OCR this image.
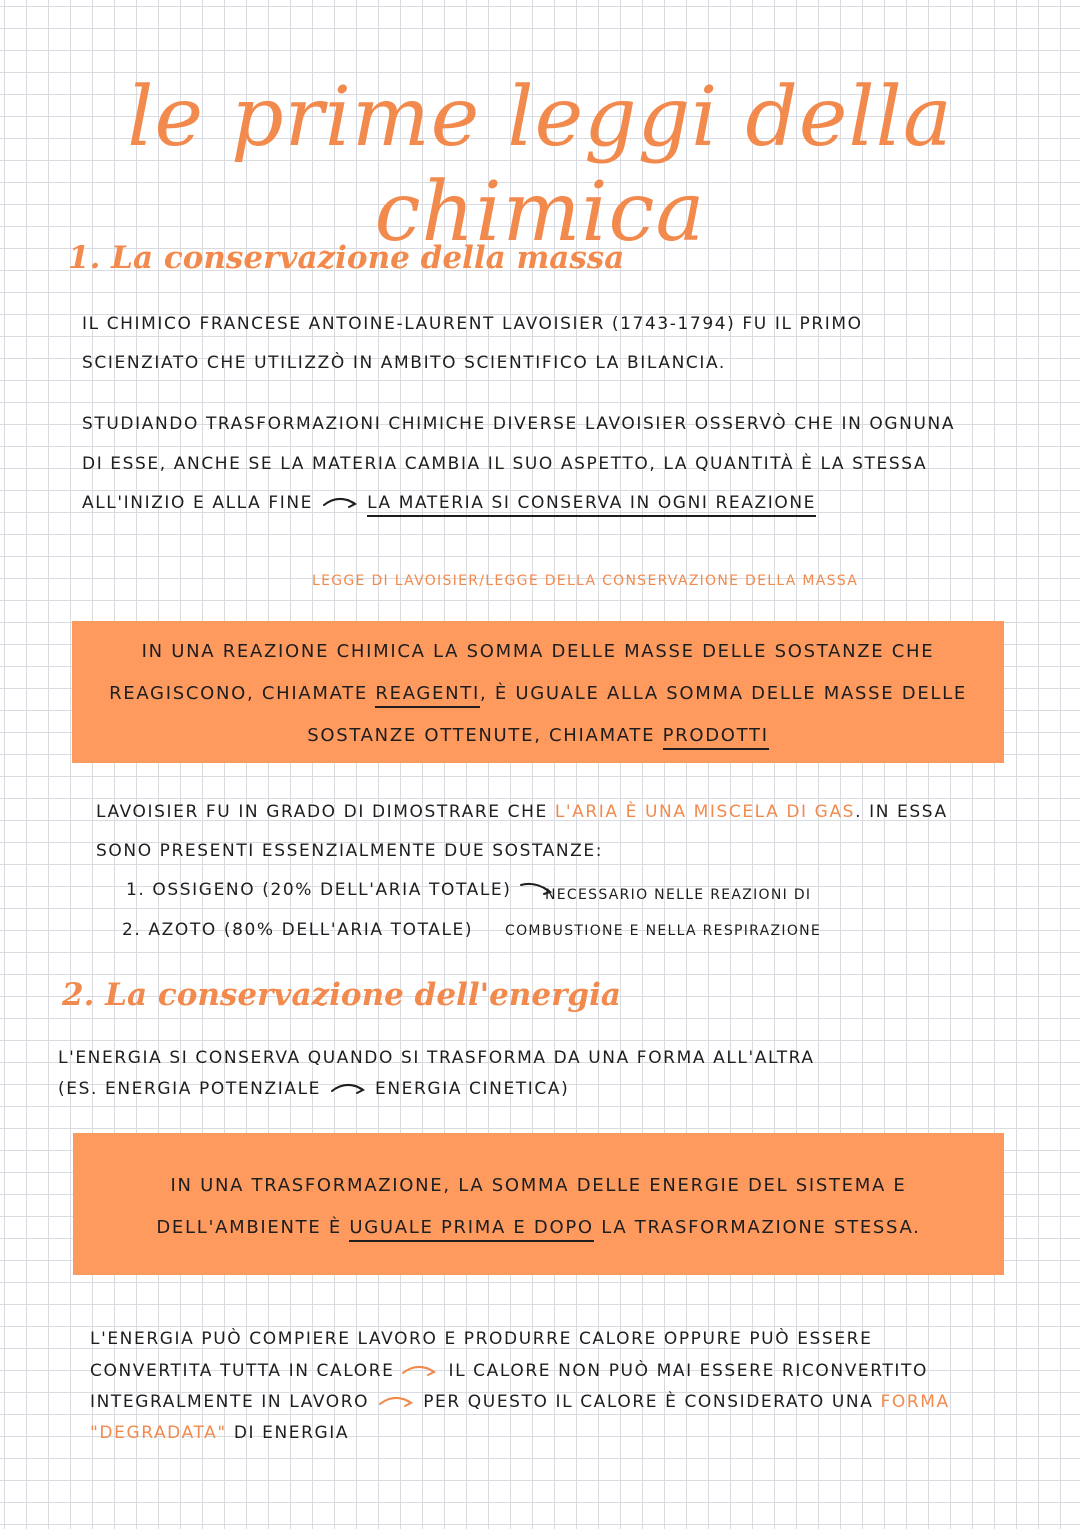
le prime leggi della chimica
1. La conservazione della massa
IL CHIMICO FRANCESE ANTOINE-LAURENT LAVOISIER (1743-1794) FU IL PRIMO
SCIENZIATO CHE UTILIZZÒ IN AMBITO SCIENTIFICO LA BILANCIA.
STUDIANDO TRASFORMAZIONI CHIMICHE DIVERSE LAVOISIER OSSERVÒ CHE IN OGNUNA
DI ESSE, ANCHE SE LA MATERIA CAMBIA IL SUO ASPETTO, LA QUANTITÀ È LA STESSA
ALL'INIZIO E ALLA FINE	LA MATERIA SI CONSERVA IN OGNI REAZIONE
LEGGE DI LAVOISIER/LEGGE DELLA CONSERVAZIONE DELLA MASSA
IN UNA REAZIONE CHIMICA LA SOMMA DELLE MASSE DELLE SOSTANZE CHE
REAGISCONO, CHIAMATE REAGENTI, È UGUALE ALLA SOMMA DELLE MASSE DELLE
SOSTANZE OTTENUTE, CHIAMATE PRODOTTI
LAVOISIER FU IN GRADO DI DIMOSTRARE CHE L'ARIA È UNA MISCELA DI GAS. IN ESSA
SONO PRESENTI ESSENZIALMENTE DUE SOSTANZE:
1. OSSIGENO (20% DELL'ARIA TOTALE)
2. AZOTO (80% DELL'ARIA TOTALE)
NECESSARIO NELLE REAZIONI DI
COMBUSTIONE E NELLA RESPIRAZIONE
2. La conservazione dell'energia
L'ENERGIA SI CONSERVA QUANDO SI TRASFORMA DA UNA FORMA ALL'ALTRA
(ES. ENERGIA POTENZIALE	ENERGIA CINETICA)
IN UNA TRASFORMAZIONE, LA SOMMA DELLE ENERGIE DEL SISTEMA E
DELL'AMBIENTE È UGUALE PRIMA E DOPO LA TRASFORMAZIONE STESSA.
L'ENERGIA PUÒ COMPIERE LAVORO E PRODURRE CALORE OPPURE PUÒ ESSERE
CONVERTITA TUTTA IN CALORE	IL CALORE NON PUÒ MAI ESSERE RICONVERTITO
INTEGRALMENTE IN LAVORO	PER QUESTO IL CALORE È CONSIDERATO UNA FORMA
"DEGRADATA" DI ENERGIA
